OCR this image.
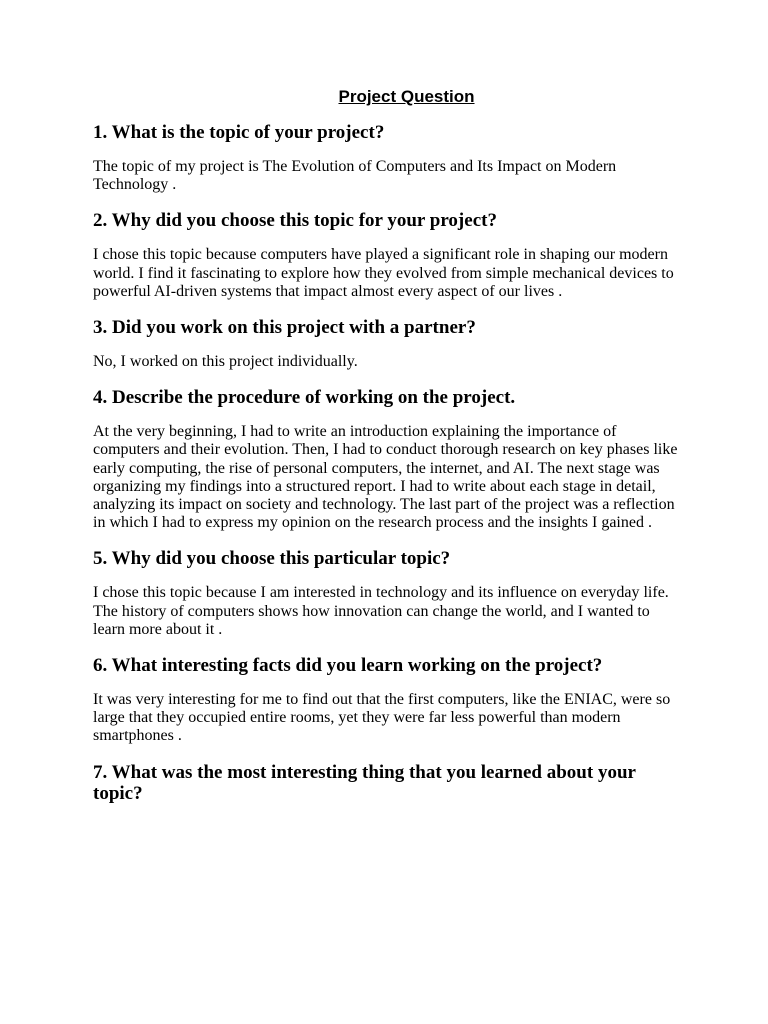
Project Question
1. What is the topic of your project?

The topic of my project is The Evolution of Computers and Its Impact on Modern Technology .

2. Why did you choose this topic for your project?

I chose this topic because computers have played a significant role in shaping our modern world. I find it fascinating to explore how they evolved from simple mechanical devices to powerful AI-driven systems that impact almost every aspect of our lives .

3. Did you work on this project with a partner?

No, I worked on this project individually.

4. Describe the procedure of working on the project.

At the very beginning, I had to write an introduction explaining the importance of computers and their evolution. Then, I had to conduct thorough research on key phases like early computing, the rise of personal computers, the internet, and AI. The next stage was organizing my findings into a structured report. I had to write about each stage in detail, analyzing its impact on society and technology. The last part of the project was a reflection in which I had to express my opinion on the research process and the insights I gained .

5. Why did you choose this particular topic?

I chose this topic because I am interested in technology and its influence on everyday life. The history of computers shows how innovation can change the world, and I wanted to learn more about it .

6. What interesting facts did you learn working on the project?

It was very interesting for me to find out that the first computers, like the ENIAC, were so large that they occupied entire rooms, yet they were far less powerful than modern smartphones .

7. What was the most interesting thing that you learned about your topic?
